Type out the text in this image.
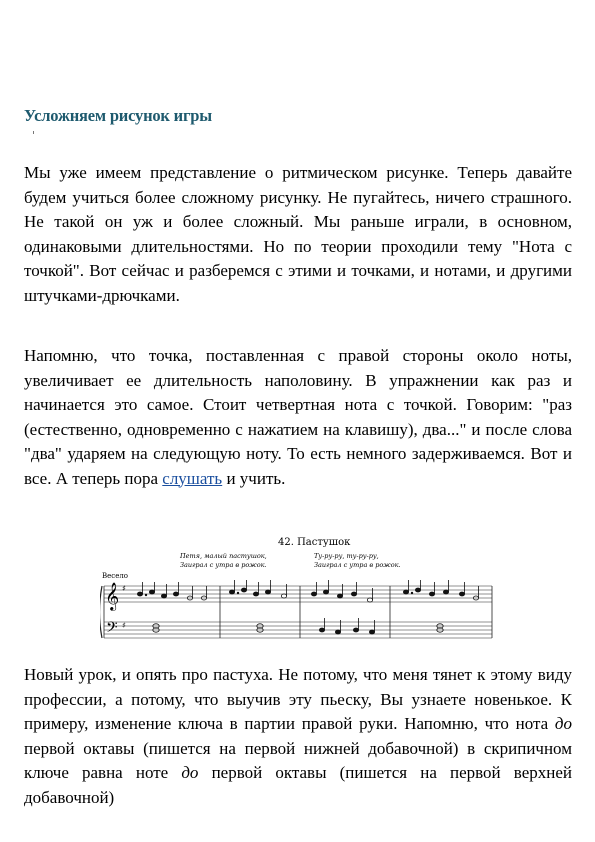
Усложняем рисунок игры

Мы уже имеем представление о ритмическом рисунке. Теперь давайте будем учиться более сложному рисунку. Не пугайтесь, ничего страшного. Не такой он уж и более сложный. Мы раньше играли, в основном, одинаковыми длительностями. Но по теории проходили тему "Нота с точкой". Вот сейчас и разберемся с этими и точками, и нотами, и другими штучками-дрючками.

Напомню, что точка, поставленная с правой стороны около ноты, увеличивает ее длительность наполовину. В упражнении как раз и начинается это самое. Стоит четвертная нота с точкой. Говорим: "раз (естественно, одновременно с нажатием на клавишу), два..." и после слова "два" ударяем на следующую ноту. То есть немного задерживаемся. Вот и все. А теперь пора слушать и учить.

42. Пастушок
Петя, малый пастушок,
Заиграл с утра в рожок.
Ту-ру-ру, ту-ру-ру,
Заиграл с утра в рожок.
Весело
𝄞
𝄢
♯
♯

Новый урок, и опять про пастуха. Не потому, что меня тянет к этому виду профессии, а потому, что выучив эту пьеску, Вы узнаете новенькое. К примеру, изменение ключа в партии правой руки. Напомню, что нота до первой октавы (пишется на первой нижней добавочной) в скрипичном ключе равна ноте до первой октавы (пишется на первой верхней добавочной)
